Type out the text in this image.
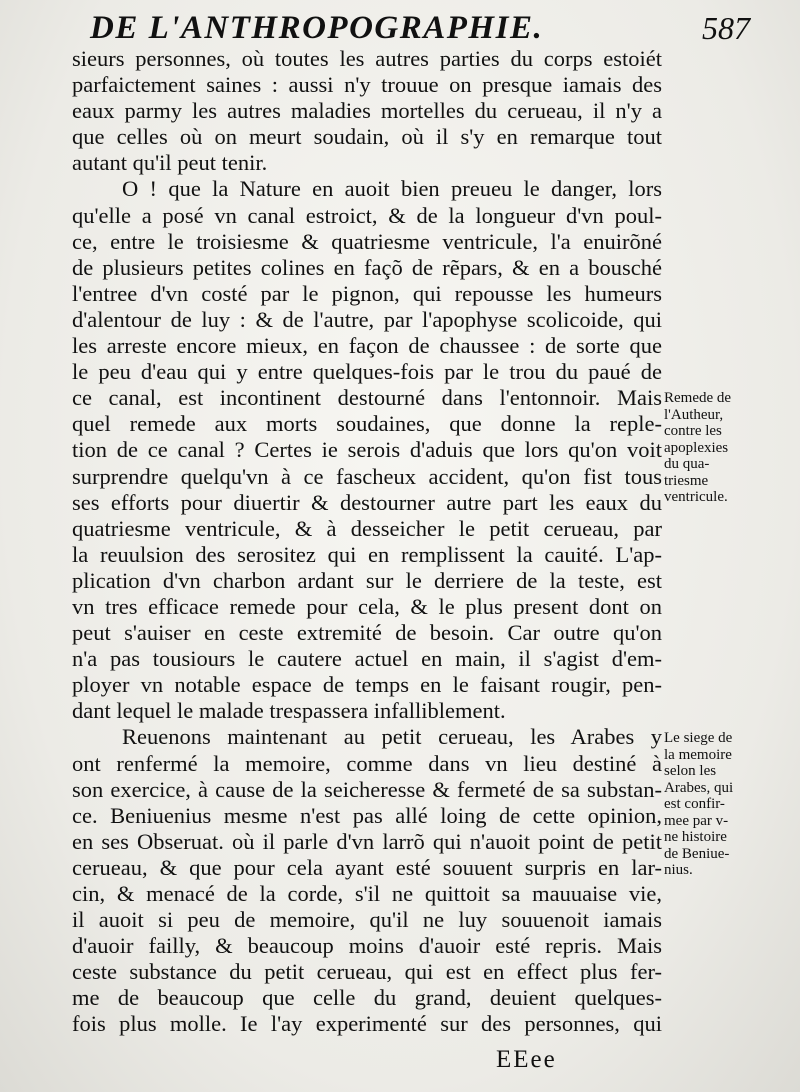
DE L'ANTHROPOGRAPHIE.	587
sieurs personnes, où toutes les autres parties du corps estoiét
parfaictement saines : aussi n'y trouue on presque iamais des
eaux parmy les autres maladies mortelles du cerueau, il n'y a
que celles où on meurt soudain, où il s'y en remarque tout
autant qu'il peut tenir.
O ! que la Nature en auoit bien preueu le danger, lors
qu'elle a posé vn canal estroict, & de la longueur d'vn poul-
ce, entre le troisiesme & quatriesme ventricule, l'a enuirõné
de plusieurs petites colines en façõ de rẽpars, & en a bousché
l'entree d'vn costé par le pignon, qui repousse les humeurs
d'alentour de luy : & de l'autre, par l'apophyse scolicoide, qui
les arreste encore mieux, en façon de chaussee : de sorte que
le peu d'eau qui y entre quelques-fois par le trou du paué de
ce canal, est incontinent destourné dans l'entonnoir. Mais
quel remede aux morts soudaines, que donne la reple-
tion de ce canal ? Certes ie serois d'aduis que lors qu'on voit
surprendre quelqu'vn à ce fascheux accident, qu'on fist tous
ses efforts pour diuertir & destourner autre part les eaux du
quatriesme ventricule, & à desseicher le petit cerueau, par
la reuulsion des serositez qui en remplissent la cauité. L'ap-
plication d'vn charbon ardant sur le derriere de la teste, est
vn tres efficace remede pour cela, & le plus present dont on
peut s'auiser en ceste extremité de besoin. Car outre qu'on
n'a pas tousiours le cautere actuel en main, il s'agist d'em-
ployer vn notable espace de temps en le faisant rougir, pen-
dant lequel le malade trespassera infalliblement.
Reuenons maintenant au petit cerueau, les Arabes y
ont renfermé la memoire, comme dans vn lieu destiné à
son exercice, à cause de la seicheresse & fermeté de sa substan-
ce. Beniuenius mesme n'est pas allé loing de cette opinion,
en ses Obseruat. où il parle d'vn larrõ qui n'auoit point de petit
cerueau, & que pour cela ayant esté souuent surpris en lar-
cin, & menacé de la corde, s'il ne quittoit sa mauuaise vie,
il auoit si peu de memoire, qu'il ne luy souuenoit iamais
d'auoir failly, & beaucoup moins d'auoir esté repris. Mais
ceste substance du petit cerueau, qui est en effect plus fer-
me de beaucoup que celle du grand, deuient quelques-
fois plus molle. Ie l'ay experimenté sur des personnes, qui
Remede de
l'Autheur,
contre les
apoplexies
du qua-
triesme
ventricule.
Le siege de
la memoire
selon les
Arabes, qui
est confir-
mee par v-
ne histoire
de Beniue-
nius.
EEee
